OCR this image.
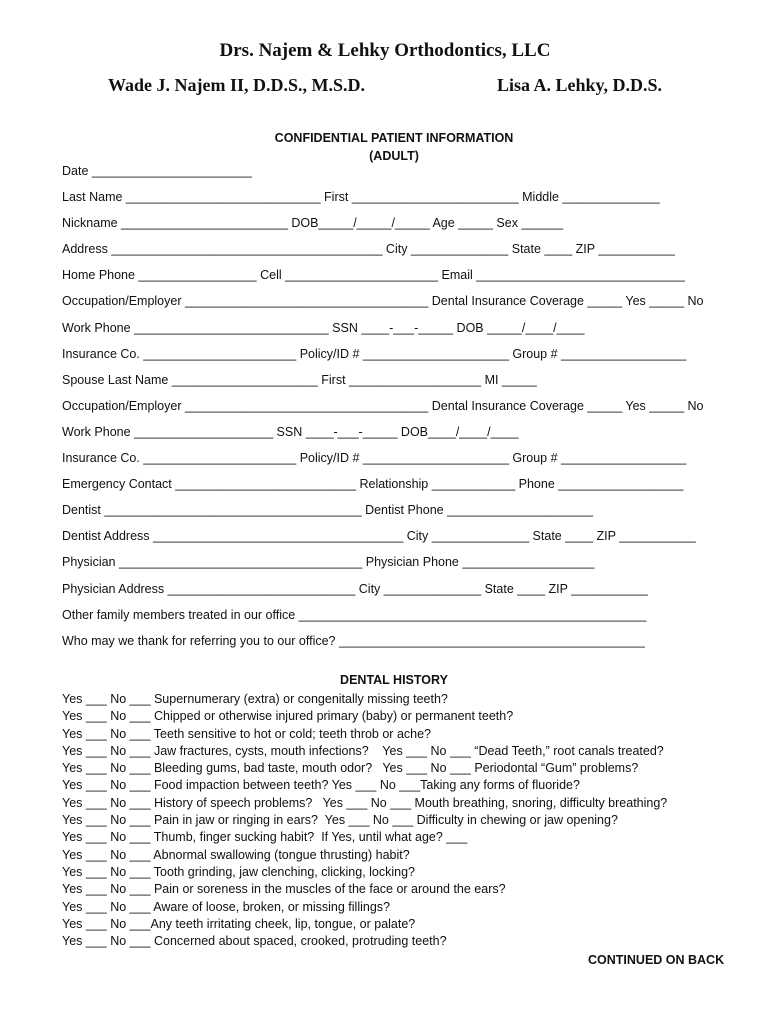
Drs. Najem & Lehky Orthodontics, LLC
Wade J. Najem II, D.D.S., M.S.D.	Lisa A. Lehky, D.D.S.
CONFIDENTIAL PATIENT INFORMATION
(ADULT)
Date _______________________
Last Name ____________________________ First ________________________ Middle ______________
Nickname ________________________ DOB_____/_____/_____ Age _____ Sex ______
Address _______________________________________ City ______________ State ____ ZIP ___________
Home Phone _________________ Cell ______________________ Email ______________________________
Occupation/Employer ___________________________________ Dental Insurance Coverage _____ Yes _____ No
Work Phone ____________________________ SSN ____-___-_____ DOB _____/____/____
Insurance Co. ______________________ Policy/ID # _____________________ Group # __________________
Spouse Last Name _____________________ First ___________________ MI _____
Occupation/Employer ___________________________________ Dental Insurance Coverage _____ Yes _____ No
Work Phone ____________________ SSN ____-___-_____ DOB____/____/____
Insurance Co. ______________________ Policy/ID # _____________________ Group # __________________
Emergency Contact __________________________ Relationship ____________ Phone __________________
Dentist _____________________________________ Dentist Phone _____________________
Dentist Address ____________________________________ City ______________ State ____ ZIP ___________
Physician ___________________________________ Physician Phone ___________________
Physician Address ___________________________ City ______________ State ____ ZIP ___________
Other family members treated in our office __________________________________________________
Who may we thank for referring you to our office? ____________________________________________
DENTAL HISTORY
Yes ___ No ___ Supernumerary (extra) or congenitally missing teeth?
Yes ___ No ___ Chipped or otherwise injured primary (baby) or permanent teeth?
Yes ___ No ___ Teeth sensitive to hot or cold; teeth throb or ache?
Yes ___ No ___ Jaw fractures, cysts, mouth infections?    Yes ___ No ___ “Dead Teeth,” root canals treated?
Yes ___ No ___ Bleeding gums, bad taste, mouth odor?   Yes ___ No ___ Periodontal “Gum” problems?
Yes ___ No ___ Food impaction between teeth? Yes ___ No ___Taking any forms of fluoride?
Yes ___ No ___ History of speech problems?   Yes ___ No ___ Mouth breathing, snoring, difficulty breathing?
Yes ___ No ___ Pain in jaw or ringing in ears?  Yes ___ No ___ Difficulty in chewing or jaw opening?
Yes ___ No ___ Thumb, finger sucking habit?  If Yes, until what age? ___
Yes ___ No ___ Abnormal swallowing (tongue thrusting) habit?
Yes ___ No ___ Tooth grinding, jaw clenching, clicking, locking?
Yes ___ No ___ Pain or soreness in the muscles of the face or around the ears?
Yes ___ No ___ Aware of loose, broken, or missing fillings?
Yes ___ No ___Any teeth irritating cheek, lip, tongue, or palate?
Yes ___ No ___ Concerned about spaced, crooked, protruding teeth?
CONTINUED ON BACK
